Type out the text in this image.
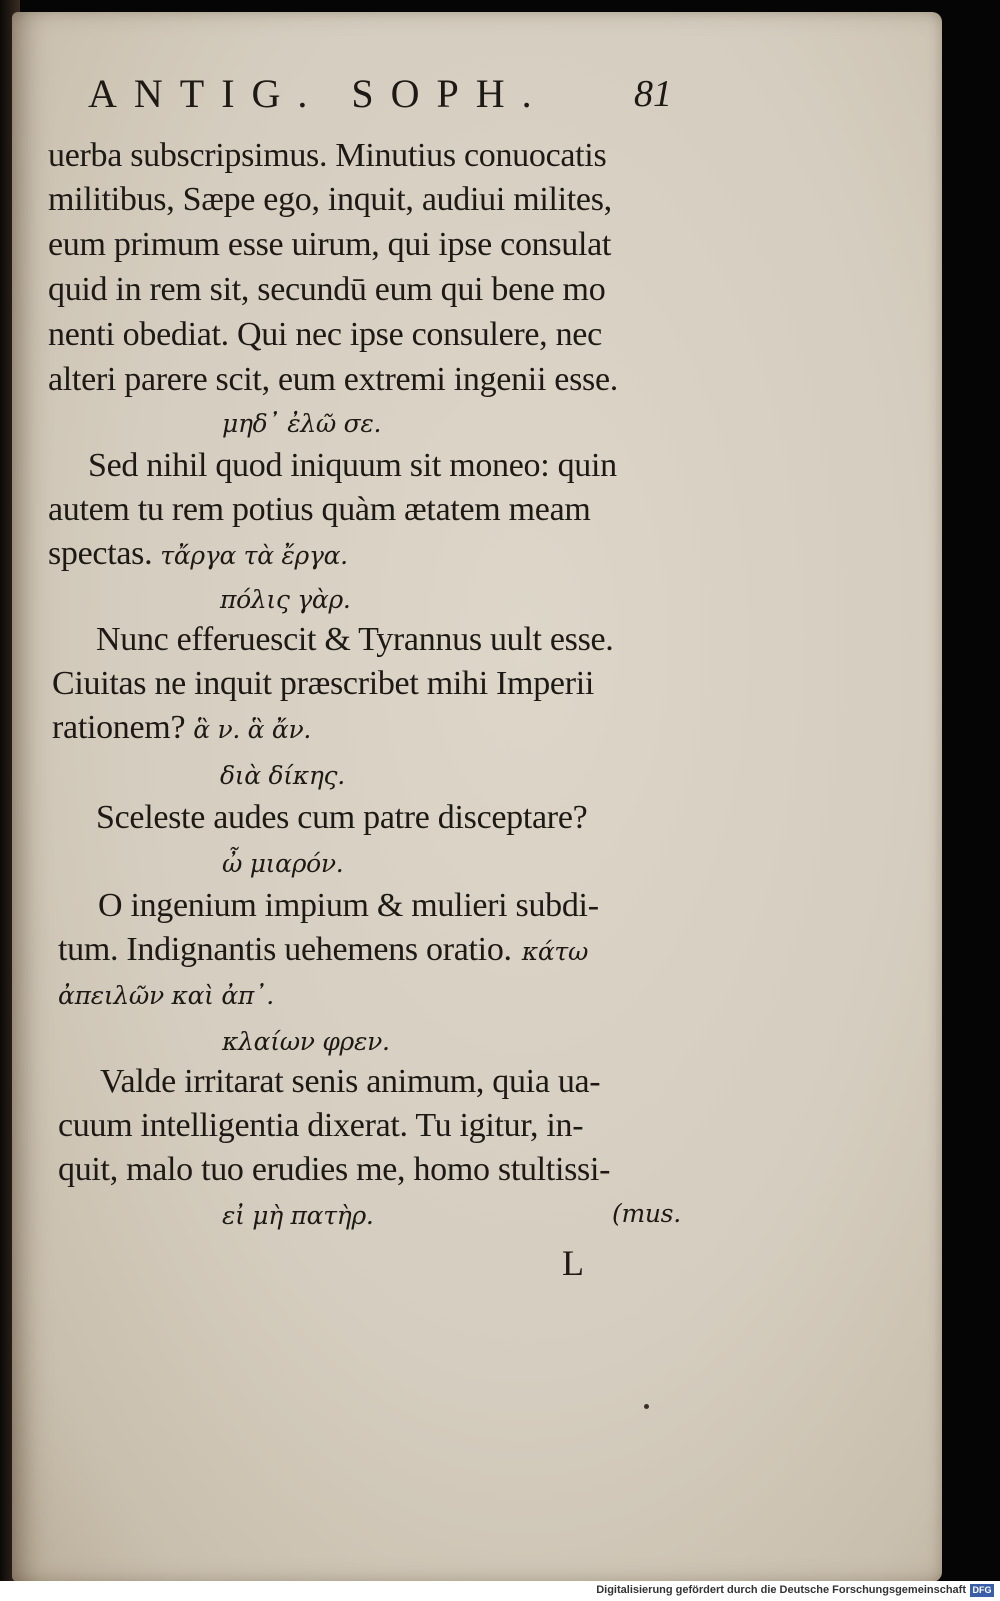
ANTIG. SOPH. 81
uerba subscripsimus. Minutius conuocatis
militibus, Sæpe ego, inquit, audiui milites,
eum primum esse uirum, qui ipse consulat
quid in rem sit, secundū eum qui bene mo
nenti obediat. Qui nec ipse consulere, nec
alteri parere scit, eum extremi ingenii esse.
μηδ᾽ ἐλῶ σε.
Sed nihil quod iniquum sit moneo: quin
autem tu rem potius quàm ætatem meam
spectas. τἄργα τὰ ἔργα.
πόλις γὰρ.
Nunc efferuescit & Tyrannus uult esse.
Ciuitas ne inquit præscribet mihi Imperii
rationem? ἃ ν. ἃ ἄν.
διὰ δίκης.
Sceleste audes cum patre disceptare?
ὦ μιαρόν.
O ingenium impium & mulieri subdi-
tum. Indignantis uehemens oratio. κάτω
ἀπειλῶν καὶ ἀπ᾽.
κλαίων φρεν.
Valde irritarat senis animum, quia ua-
cuum intelligentia dixerat. Tu igitur, in-
quit, malo tuo erudies me, homo stultissi-
εἰ μὴ πατὴρ.	(mus.
L
Digitalisierung gefördert durch die Deutsche Forschungsgemeinschaft DFG
